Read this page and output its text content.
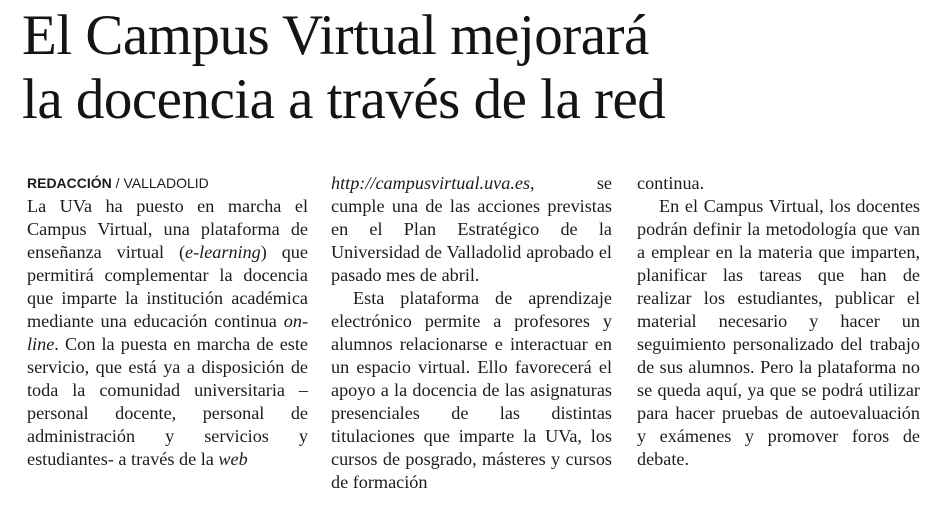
El Campus Virtual mejorará
la docencia a través de la red
REDACCIÓN / VALLADOLID

La UVa ha puesto en marcha el Campus Virtual, una plataforma de enseñanza virtual (e-learning) que permitirá complementar la docencia que imparte la institución académica mediante una educación continua on-line. Con la puesta en marcha de este servicio, que está ya a disposición de toda la comunidad universitaria –personal docente, personal de administración y servicios y estudiantes- a través de la web

http://campusvirtual.uva.es, se cumple una de las acciones previstas en el Plan Estratégico de la Universidad de Valladolid aprobado el pasado mes de abril.

Esta plataforma de aprendizaje electrónico permite a profesores y alumnos relacionarse e interactuar en un espacio virtual. Ello favorecerá el apoyo a la docencia de las asignaturas presenciales de las distintas titulaciones que imparte la UVa, los cursos de posgrado, másteres y cursos de formación

continua.

En el Campus Virtual, los docentes podrán definir la metodología que van a emplear en la materia que imparten, planificar las tareas que han de realizar los estudiantes, publicar el material necesario y hacer un seguimiento personalizado del trabajo de sus alumnos. Pero la plataforma no se queda aquí, ya que se podrá utilizar para hacer pruebas de autoevaluación y exámenes y promover foros de debate.
